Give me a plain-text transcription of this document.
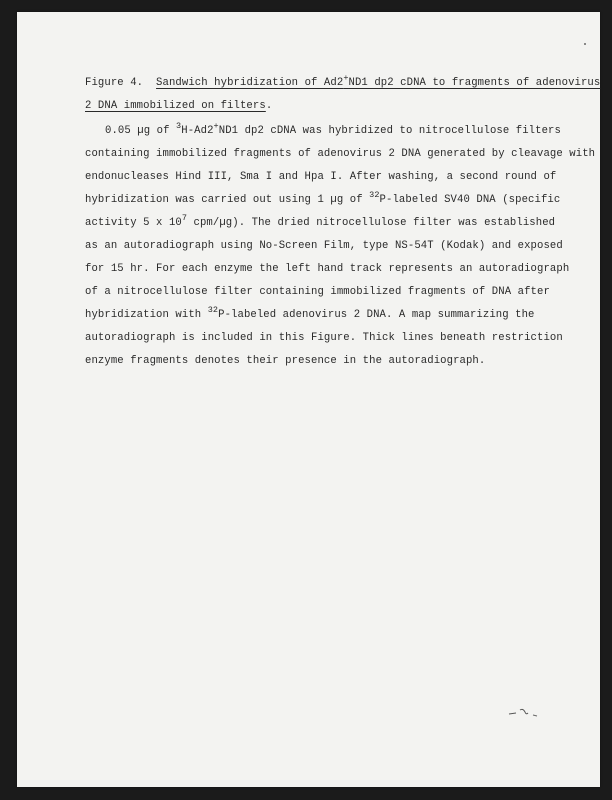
Figure 4. Sandwich hybridization of Ad2+ND1 dp2 cDNA to fragments of adenovirus
2 DNA immobilized on filters.
0.05 µg of $^3$H-Ad2+ND1 dp2 cDNA was hybridized to nitrocellulose filters
containing immobilized fragments of adenovirus 2 DNA generated by cleavage with
endonucleases Hind III, Sma I and Hpa I. After washing, a second round of
hybridization was carried out using 1 µg of $^{32}$P-labeled SV40 DNA (specific
activity 5 x $10^7$ cpm/µg). The dried nitrocellulose filter was established
as an autoradiograph using No-Screen Film, type NS-54T (Kodak) and exposed
for 15 hr. For each enzyme the left hand track represents an autoradiograph
of a nitrocellulose filter containing immobilized fragments of DNA after
hybridization with $^{32}$P-labeled adenovirus 2 DNA. A map summarizing the
autoradiograph is included in this Figure. Thick lines beneath restriction
enzyme fragments denotes their presence in the autoradiograph.
